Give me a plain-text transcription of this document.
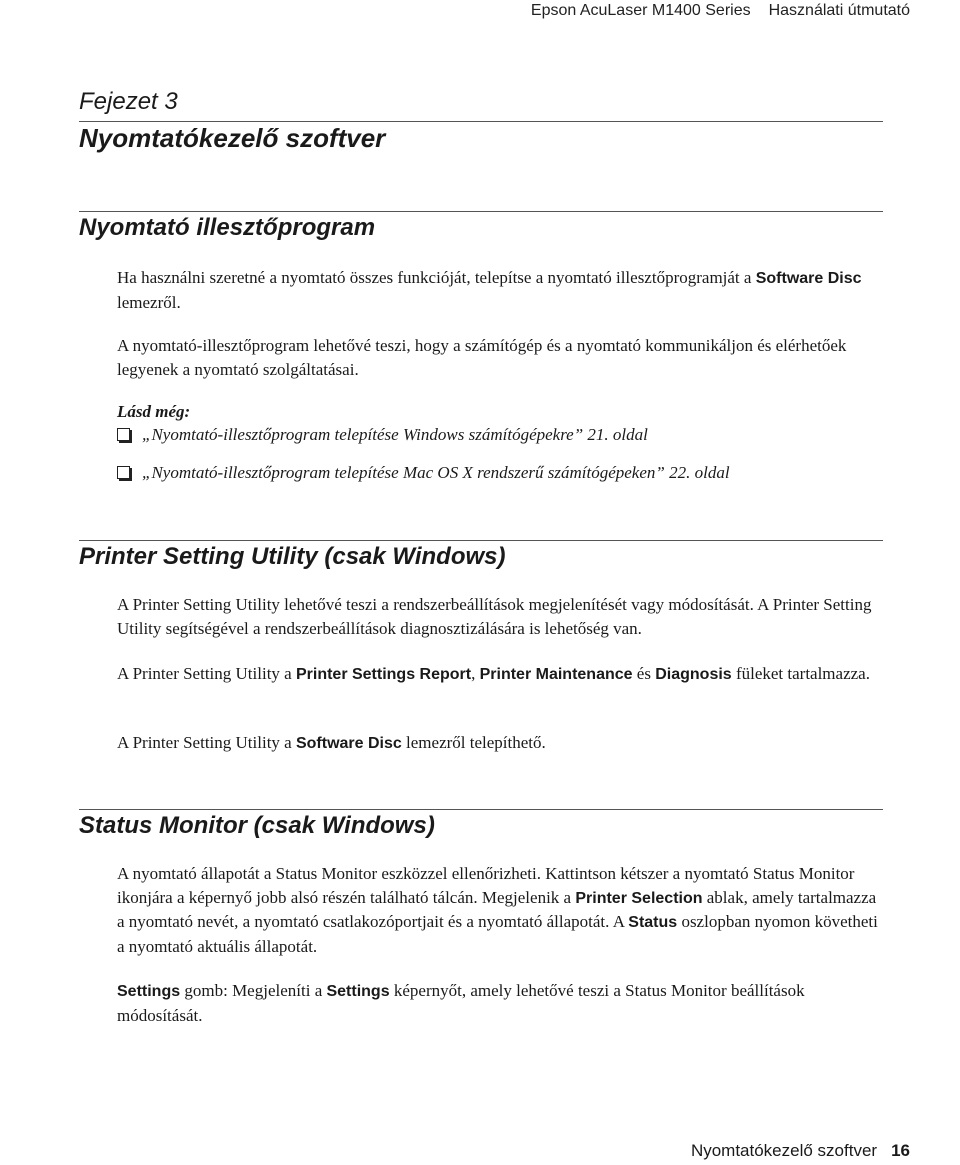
Epson AcuLaser M1400 Series Használati útmutató
Fejezet 3
Nyomtatókezelő szoftver
Nyomtató illesztőprogram
Ha használni szeretné a nyomtató összes funkcióját, telepítse a nyomtató illesztőprogramját a Software Disc lemezről.
A nyomtató-illesztőprogram lehetővé teszi, hogy a számítógép és a nyomtató kommunikáljon és elérhetőek legyenek a nyomtató szolgáltatásai.
Lásd még:
„Nyomtató-illesztőprogram telepítése Windows számítógépekre” 21. oldal
„Nyomtató-illesztőprogram telepítése Mac OS X rendszerű számítógépeken” 22. oldal
Printer Setting Utility (csak Windows)
A Printer Setting Utility lehetővé teszi a rendszerbeállítások megjelenítését vagy módosítását. A Printer Setting Utility segítségével a rendszerbeállítások diagnosztizálására is lehetőség van.
A Printer Setting Utility a Printer Settings Report, Printer Maintenance és Diagnosis füleket tartalmazza.
A Printer Setting Utility a Software Disc lemezről telepíthető.
Status Monitor (csak Windows)
A nyomtató állapotát a Status Monitor eszközzel ellenőrizheti. Kattintson kétszer a nyomtató Status Monitor ikonjára a képernyő jobb alsó részén található tálcán. Megjelenik a Printer Selection ablak, amely tartalmazza a nyomtató nevét, a nyomtató csatlakozóportjait és a nyomtató állapotát. A Status oszlopban nyomon követheti a nyomtató aktuális állapotát.
Settings gomb: Megjeleníti a Settings képernyőt, amely lehetővé teszi a Status Monitor beállítások módosítását.
Nyomtatókezelő szoftver 16
